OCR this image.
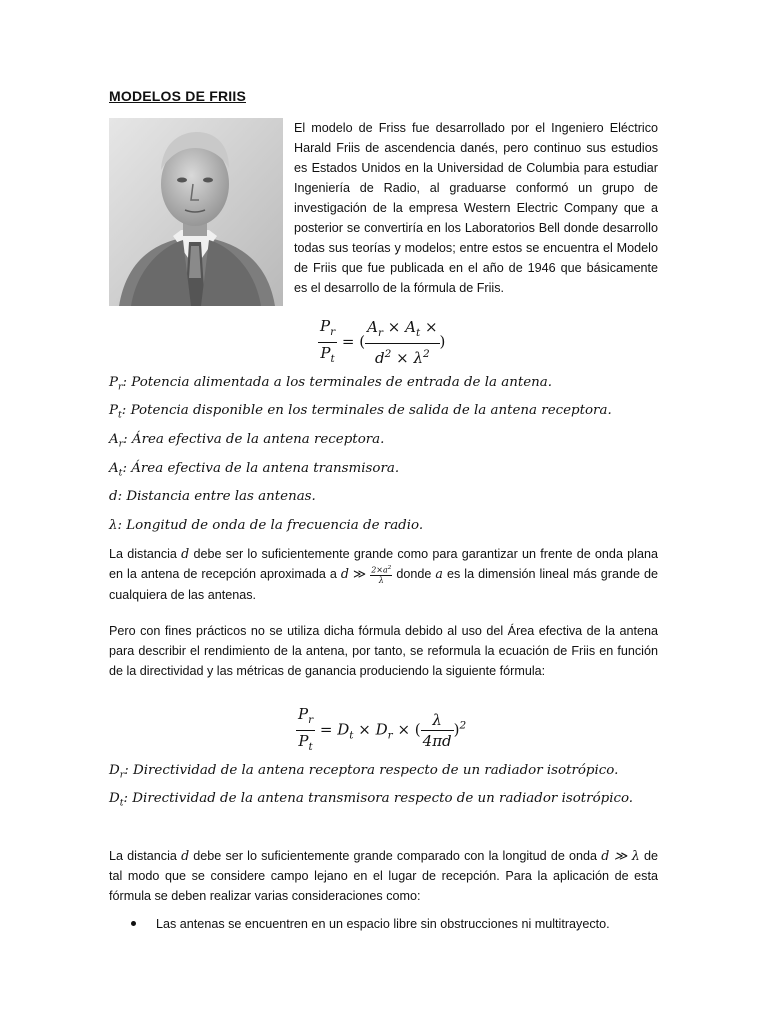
MODELOS DE FRIIS
El modelo de Friss fue desarrollado por el Ingeniero Eléctrico Harald Friis de ascendencia danés, pero continuo sus estudios es Estados Unidos en la Universidad de Columbia para estudiar Ingeniería de Radio, al graduarse conformó un grupo de investigación de la empresa Western Electric Company que a posterior se convertiría en los Laboratorios Bell donde desarrollo todas sus teorías y modelos; entre estos se encuentra el Modelo de Friis que fue publicada en el año de 1946 que básicamente es el desarrollo de la fórmula de Friis.
$\frac{P_r}{P_t}$ = ( $\frac{A_r \times A_t \times}{d^2 \times \lambda^2}$ )
$P_r$: Potencia alimentada a los terminales de entrada de la antena.
$P_t$: Potencia disponible en los terminales de salida de la antena receptora.
$A_r$: Área efectiva de la antena receptora.
$A_t$: Área efectiva de la antena transmisora.
d: Distancia entre las antenas.
λ: Longitud de onda de la frecuencia de radio.
La distancia d debe ser lo suficientemente grande como para garantizar un frente de onda plana en la antena de recepción aproximada a d ≫ $\frac{2\times a^2}{\lambda}$ donde a es la dimensión lineal más grande de cualquiera de las antenas.
Pero con fines prácticos no se utiliza dicha fórmula debido al uso del Área efectiva de la antena para describir el rendimiento de la antena, por tanto, se reformula la ecuación de Friis en función de la directividad y las métricas de ganancia produciendo la siguiente fórmula:
$\frac{P_r}{P_t} = D_t \times D_r$ × ( $\frac{\lambda}{4\pi d} )^2$
$D_r$: Directividad de la antena receptora respecto de un radiador isotrópico.
$D_t$: Directividad de la antena transmisora respecto de un radiador isotrópico.
La distancia d debe ser lo suficientemente grande comparado con la longitud de onda d ≫ λ de tal modo que se considere campo lejano en el lugar de recepción. Para la aplicación de esta fórmula se deben realizar varias consideraciones como:
Las antenas se encuentren en un espacio libre sin obstrucciones ni multitrayecto.
